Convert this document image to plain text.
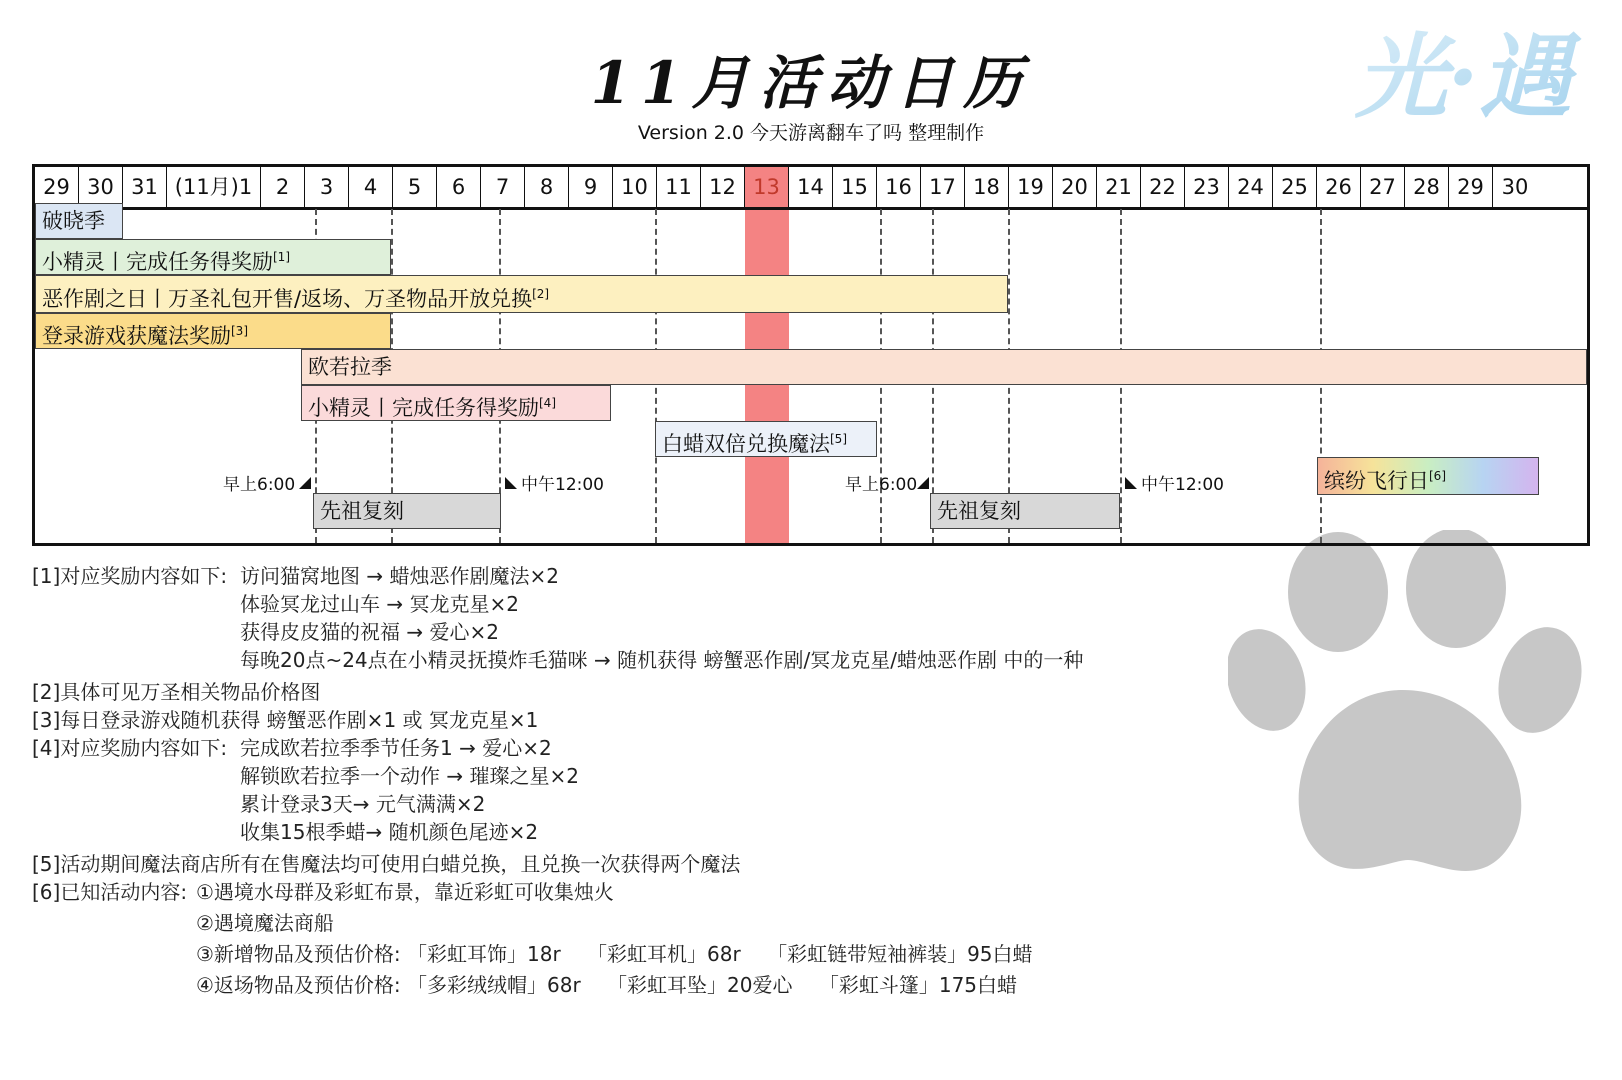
11月活动日历
Version 2.0 今天游离翻车了吗 整理制作
光·遇
29 30 31 (11月)1	2	3	4	5	6	7	8	9	10 11 12 13 14 15 16 17 18 19 20 21 22 23 24 25 26 27 28 29 30
破晓季
小精灵丨完成任务得奖励[1]
恶作剧之日丨万圣礼包开售/返场、万圣物品开放兑换[2]
登录游戏获魔法奖励[3]
欧若拉季
小精灵丨完成任务得奖励[4]
白蜡双倍兑换魔法[5]
缤纷飞行日[6]
早上6:00	中午12:00	早上6:00	中午12:00
先祖复刻	先祖复刻
[1]对应奖励内容如下: 访问猫窝地图 → 蜡烛恶作剧魔法×2
体验冥龙过山车 → 冥龙克星×2
获得皮皮猫的祝福 → 爱心×2
每晚20点~24点在小精灵抚摸炸毛猫咪 → 随机获得 螃蟹恶作剧/冥龙克星/蜡烛恶作剧 中的一种
[2]具体可见万圣相关物品价格图
[3]每日登录游戏随机获得 螃蟹恶作剧×1 或 冥龙克星×1
[4]对应奖励内容如下: 完成欧若拉季季节任务1 → 爱心×2
解锁欧若拉季一个动作 → 璀璨之星×2
累计登录3天→ 元气满满×2
收集15根季蜡→ 随机颜色尾迹×2
[5]活动期间魔法商店所有在售魔法均可使用白蜡兑换，且兑换一次获得两个魔法
[6]已知活动内容: ①遇境水母群及彩虹布景，靠近彩虹可收集烛火
②遇境魔法商船
③新增物品及预估价格: 「彩虹耳饰」18r　 「彩虹耳机」68r　 「彩虹链带短袖裤装」95白蜡
④返场物品及预估价格: 「多彩绒绒帽」68r　 「彩虹耳坠」20爱心　 「彩虹斗篷」175白蜡
